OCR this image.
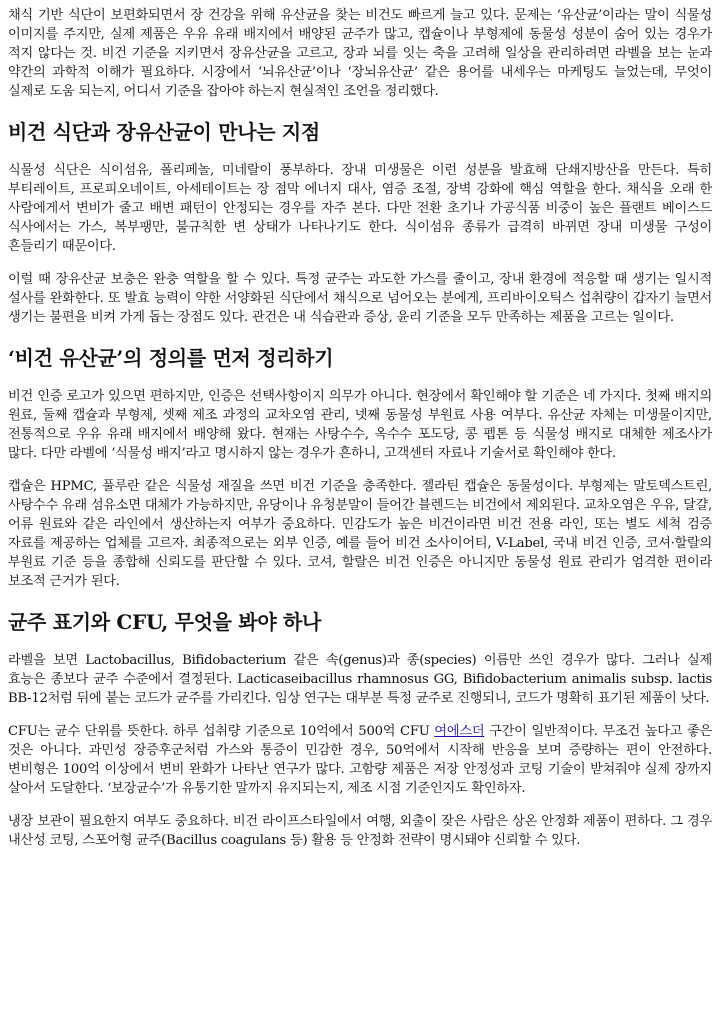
채식 기반 식단이 보편화되면서 장 건강을 위해 유산균을 찾는 비건도 빠르게 늘고 있다. 문제는 ‘유산균’이라는 말이 식물성 이미지를 주지만, 실제 제품은 우유 유래 배지에서 배양된 균주가 많고, 캡슐이나 부형제에 동물성 성분이 숨어 있는 경우가 적지 않다는 것. 비건 기준을 지키면서 장유산균을 고르고, 장과 뇌를 잇는 축을 고려해 일상을 관리하려면 라벨을 보는 눈과 약간의 과학적 이해가 필요하다. 시장에서 ‘뇌유산균’이나 ‘장뇌유산균’ 같은 용어를 내세우는 마케팅도 늘었는데, 무엇이 실제로 도움 되는지, 어디서 기준을 잡아야 하는지 현실적인 조언을 정리했다.

비건 식단과 장유산균이 만나는 지점

식물성 식단은 식이섬유, 폴리페놀, 미네랄이 풍부하다. 장내 미생물은 이런 성분을 발효해 단쇄지방산을 만든다. 특히 부티레이트, 프로피오네이트, 아세테이트는 장 점막 에너지 대사, 염증 조절, 장벽 강화에 핵심 역할을 한다. 채식을 오래 한 사람에게서 변비가 줄고 배변 패턴이 안정되는 경우를 자주 본다. 다만 전환 초기나 가공식품 비중이 높은 플랜트 베이스드 식사에서는 가스, 복부팽만, 불규칙한 변 상태가 나타나기도 한다. 식이섬유 종류가 급격히 바뀌면 장내 미생물 구성이 흔들리기 때문이다.

이럴 때 장유산균 보충은 완충 역할을 할 수 있다. 특정 균주는 과도한 가스를 줄이고, 장내 환경에 적응할 때 생기는 일시적 설사를 완화한다. 또 발효 능력이 약한 서양화된 식단에서 채식으로 넘어오는 분에게, 프리바이오틱스 섭취량이 갑자기 늘면서 생기는 불편을 비켜 가게 돕는 장점도 있다. 관건은 내 식습관과 증상, 윤리 기준을 모두 만족하는 제품을 고르는 일이다.

‘비건 유산균’의 정의를 먼저 정리하기

비건 인증 로고가 있으면 편하지만, 인증은 선택사항이지 의무가 아니다. 현장에서 확인해야 할 기준은 네 가지다. 첫째 배지의 원료, 둘째 캡슐과 부형제, 셋째 제조 과정의 교차오염 관리, 넷째 동물성 부원료 사용 여부다. 유산균 자체는 미생물이지만, 전통적으로 우유 유래 배지에서 배양해 왔다. 현재는 사탕수수, 옥수수 포도당, 콩 펩톤 등 식물성 배지로 대체한 제조사가 많다. 다만 라벨에 ‘식물성 배지’라고 명시하지 않는 경우가 흔하니, 고객센터 자료나 기술서로 확인해야 한다.

캡슐은 HPMC, 풀루란 같은 식물성 재질을 쓰면 비건 기준을 충족한다. 젤라틴 캡슐은 동물성이다. 부형제는 말토덱스트린, 사탕수수 유래 섬유소면 대체가 가능하지만, 유당이나 유청분말이 들어간 블렌드는 비건에서 제외된다. 교차오염은 우유, 달걀, 어류 원료와 같은 라인에서 생산하는지 여부가 중요하다. 민감도가 높은 비건이라면 비건 전용 라인, 또는 별도 세척 검증 자료를 제공하는 업체를 고르자. 최종적으로는 외부 인증, 예를 들어 비건 소사이어티, V-Label, 국내 비건 인증, 코셔·할랄의 부원료 기준 등을 종합해 신뢰도를 판단할 수 있다. 코셔, 할랄은 비건 인증은 아니지만 동물성 원료 관리가 엄격한 편이라 보조적 근거가 된다.

균주 표기와 CFU, 무엇을 봐야 하나

라벨을 보면 Lactobacillus, Bifidobacterium 같은 속(genus)과 종(species) 이름만 쓰인 경우가 많다. 그러나 실제 효능은 종보다 균주 수준에서 결정된다. Lacticaseibacillus rhamnosus GG, Bifidobacterium animalis subsp. lactis BB-12처럼 뒤에 붙는 코드가 균주를 가리킨다. 임상 연구는 대부분 특정 균주로 진행되니, 코드가 명확히 표기된 제품이 낫다.

CFU는 균수 단위를 뜻한다. 하루 섭취량 기준으로 10억에서 500억 CFU 여에스더 구간이 일반적이다. 무조건 높다고 좋은 것은 아니다. 과민성 장증후군처럼 가스와 통증이 민감한 경우, 50억에서 시작해 반응을 보며 증량하는 편이 안전하다. 변비형은 100억 이상에서 변비 완화가 나타난 연구가 많다. 고함량 제품은 저장 안정성과 코팅 기술이 받쳐줘야 실제 장까지 살아서 도달한다. ‘보장균수’가 유통기한 말까지 유지되는지, 제조 시점 기준인지도 확인하자.

냉장 보관이 필요한지 여부도 중요하다. 비건 라이프스타일에서 여행, 외출이 잦은 사람은 상온 안정화 제품이 편하다. 그 경우 내산성 코팅, 스포어형 균주(Bacillus coagulans 등) 활용 등 안정화 전략이 명시돼야 신뢰할 수 있다.
